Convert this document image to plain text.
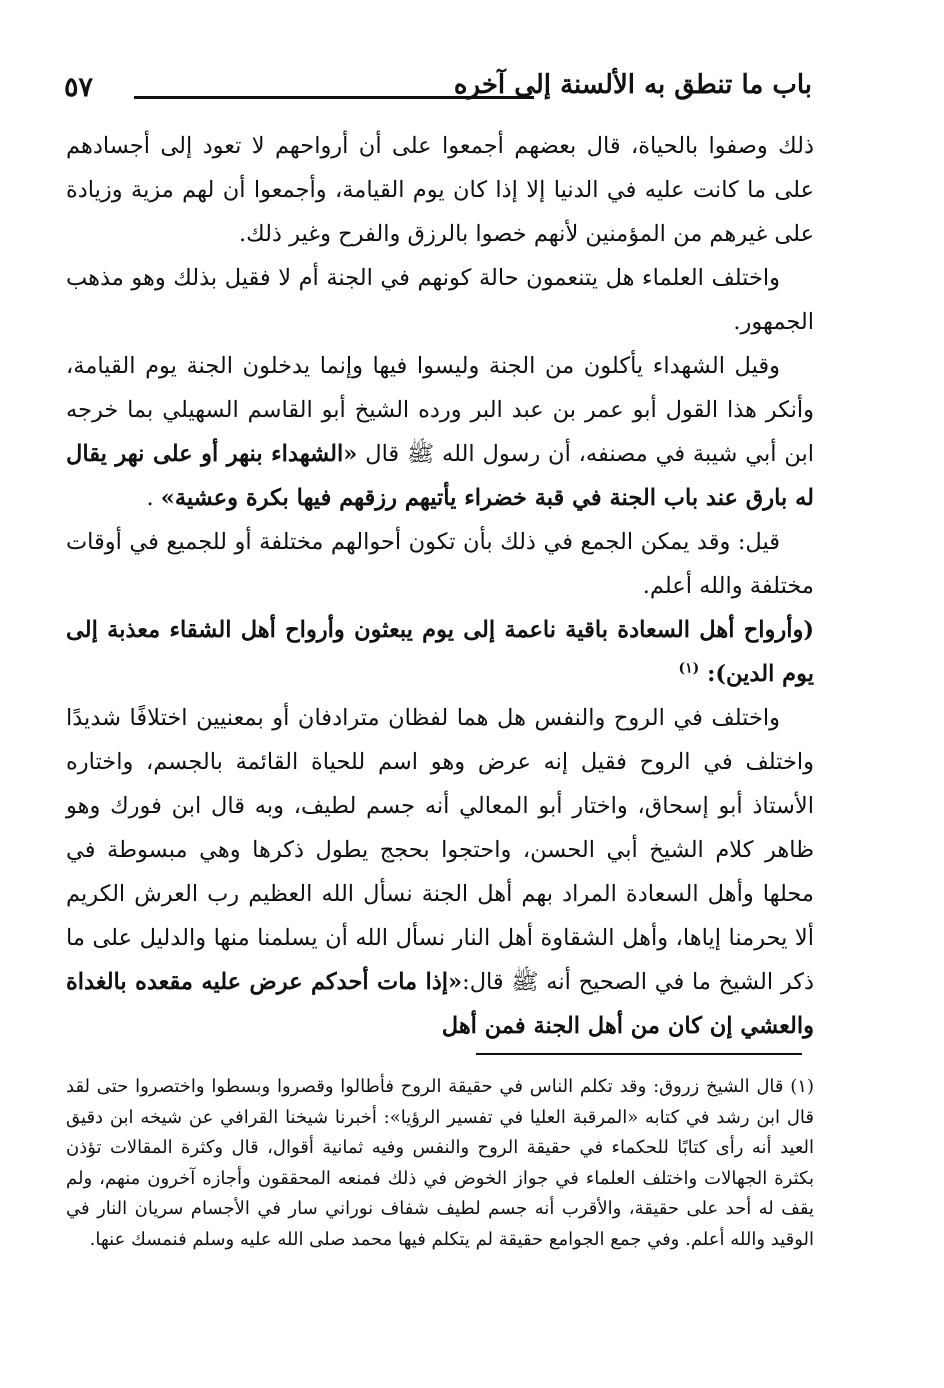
٥٧	باب ما تنطق به الألسنة إلى آخره

ذلك وصفوا بالحياة، قال بعضهم أجمعوا على أن أرواحهم لا تعود إلى أجسادهم على ما كانت عليه في الدنيا إلا إذا كان يوم القيامة، وأجمعوا أن لهم مزية وزيادة على غيرهم من المؤمنين لأنهم خصوا بالرزق والفرح وغير ذلك.

واختلف العلماء هل يتنعمون حالة كونهم في الجنة أم لا فقيل بذلك وهو مذهب الجمهور.

وقيل الشهداء يأكلون من الجنة وليسوا فيها وإنما يدخلون الجنة يوم القيامة، وأنكر هذا القول أبو عمر بن عبد البر ورده الشيخ أبو القاسم السهيلي بما خرجه ابن أبي شيبة في مصنفه، أن رسول الله ﷺ قال «الشهداء بنهر أو على نهر يقال له بارق عند باب الجنة في قبة خضراء يأتيهم رزقهم فيها بكرة وعشية» .

قيل: وقد يمكن الجمع في ذلك بأن تكون أحوالهم مختلفة أو للجميع في أوقات مختلفة والله أعلم.

(وأرواح أهل السعادة باقية ناعمة إلى يوم يبعثون وأرواح أهل الشقاء معذبة إلى يوم الدين): $^{(١)}$

واختلف في الروح والنفس هل هما لفظان مترادفان أو بمعنيين اختلافًا شديدًا واختلف في الروح فقيل إنه عرض وهو اسم للحياة القائمة بالجسم، واختاره الأستاذ أبو إسحاق، واختار أبو المعالي أنه جسم لطيف، وبه قال ابن فورك وهو ظاهر كلام الشيخ أبي الحسن، واحتجوا بحجج يطول ذكرها وهي مبسوطة في محلها وأهل السعادة المراد بهم أهل الجنة نسأل الله العظيم رب العرش الكريم ألا يحرمنا إياها، وأهل الشقاوة أهل النار نسأل الله أن يسلمنا منها والدليل على ما ذكر الشيخ ما في الصحيح أنه ﷺ قال:«إذا مات أحدكم عرض عليه مقعده بالغداة والعشي إن كان من أهل الجنة فمن أهل

(١) قال الشيخ زروق: وقد تكلم الناس في حقيقة الروح فأطالوا وقصروا وبسطوا واختصروا حتى لقد قال ابن رشد في كتابه «المرقبة العليا في تفسير الرؤيا»: أخبرنا شيخنا القرافي عن شيخه ابن دقيق العيد أنه رأى كتابًا للحكماء في حقيقة الروح والنفس وفيه ثمانية أقوال، قال وكثرة المقالات تؤذن بكثرة الجهالات واختلف العلماء في جواز الخوض في ذلك فمنعه المحققون وأجازه آخرون منهم، ولم يقف له أحد على حقيقة، والأقرب أنه جسم لطيف شفاف نوراني سار في الأجسام سريان النار في الوقيد والله أعلم. وفي جمع الجوامع حقيقة لم يتكلم فيها محمد صلى الله عليه وسلم فنمسك عنها.
